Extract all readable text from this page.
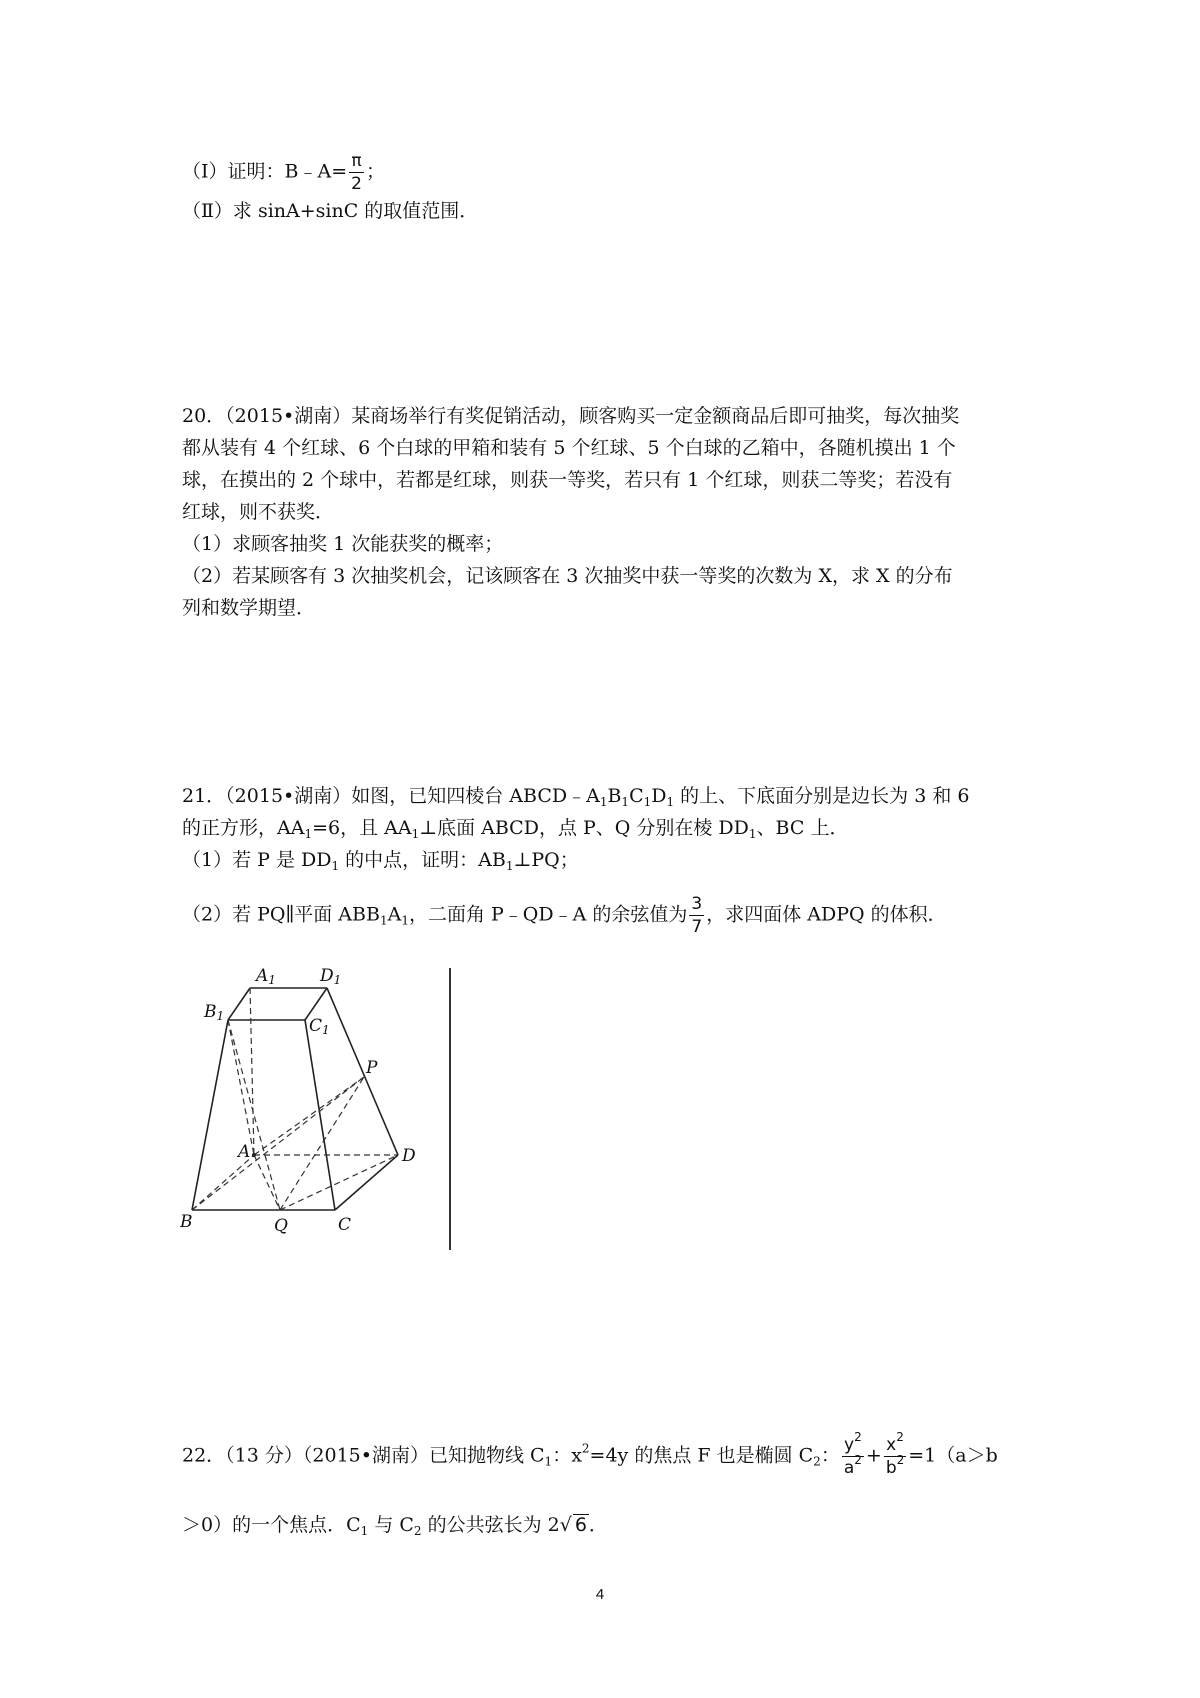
（Ⅰ）证明：B﹣A= $\frac{\pi}{2}$ ；
（Ⅱ）求 sinA+sinC 的取值范围．
20．（2015•湖南）某商场举行有奖促销活动，顾客购买一定金额商品后即可抽奖，每次抽奖
都从装有 4 个红球、6 个白球的甲箱和装有 5 个红球、5 个白球的乙箱中，各随机摸出 1 个
球，在摸出的 2 个球中，若都是红球，则获一等奖，若只有 1 个红球，则获二等奖；若没有
红球，则不获奖．
（1）求顾客抽奖 1 次能获奖的概率；
（2）若某顾客有 3 次抽奖机会，记该顾客在 3 次抽奖中获一等奖的次数为 X，求 X 的分布
列和数学期望．
21．（2015•湖南）如图，已知四棱台 $ABCD﹣A_1B_1C_1D_1$ 的上、下底面分别是边长为 3 和 6
的正方形，$AA_1=6$，且 $AA_1\perp$底面 ABCD，点 P、Q 分别在棱 $DD_1$、BC 上．
（1）若 P 是 $DD_1$ 的中点，证明：$AB_1\perp PQ$；
（2）若 PQ∥平面 $ABB_1A_1$，二面角 P﹣QD﹣A 的余弦值为 $\frac{3}{7}$ ，求四面体 ADPQ 的体积．
A1	D1
B1	C1
P
A	D
B	Q	C
22．（13 分）（2015•湖南）已知抛物线 $C_1$：$x^2=4y$ 的焦点 F 也是椭圆 $C_2$： $\frac{y^2}{a^2} + \frac{x^2}{b^2} =1(a>b$
＞0）的一个焦点．$C_1$ 与 $C_2$ 的公共弦长为 2√ 6 ．
4
